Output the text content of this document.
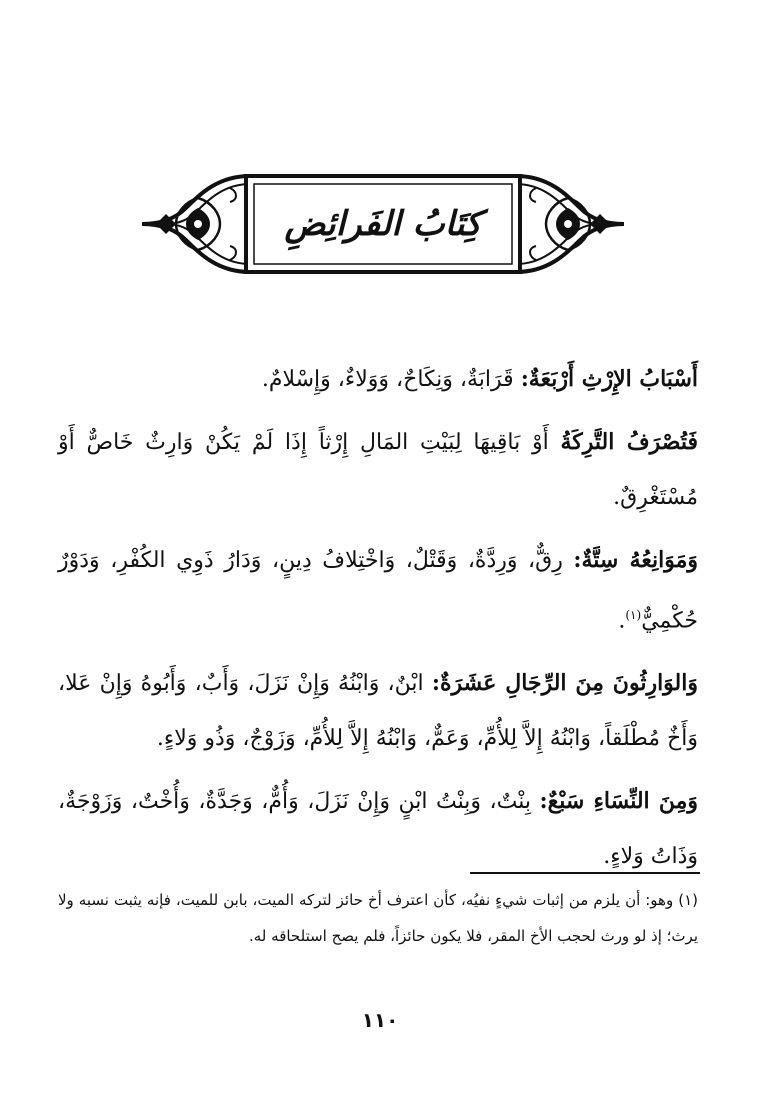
كِتَابُ الفَرائِضِ

أَسْبَابُ الإِرْثِ أَرْبَعَةٌ: قَرَابَةٌ، وَنِكَاحٌ، وَوَلاءٌ، وَإِسْلامٌ.

فَتُصْرَفُ التَّرِكَةُ أَوْ بَاقِيهَا لِبَيْتِ المَالِ إِرْثاً إِذَا لَمْ يَكُنْ وَارِثٌ خَاصٌّ أَوْ مُسْتَغْرِقٌ.

وَمَوَانِعُهُ سِتَّةٌ: رِقٌّ، وَرِدَّةٌ، وَقَتْلٌ، وَاخْتِلافُ دِينٍ، وَدَارُ ذَوِي الكُفْرِ، وَدَوْرٌ حُكْمِيٌّ$^{(١)}$.

وَالوَارِثُونَ مِنَ الرِّجَالِ عَشَرَةٌ: ابْنٌ، وَابْنُهُ وَإِنْ نَزَلَ، وَأَبٌ، وَأَبُوهُ وَإِنْ عَلا، وَأَخٌ مُطْلَقاً، وَابْنُهُ إِلاَّ لِلأُمِّ، وَعَمٌّ، وَابْنُهُ إِلاَّ لِلأُمِّ، وَزَوْجٌ، وَذُو وَلاءٍ.

وَمِنَ النِّسَاءِ سَبْعٌ: بِنْتٌ، وَبِنْتُ ابْنٍ وَإِنْ نَزَلَ، وَأُمٌّ، وَجَدَّةٌ، وَأُخْتٌ، وَزَوْجَةٌ، وَذَاتُ وَلاءٍ.

(١) وهو: أن يلزم من إثبات شيءٍ نفيُه، كأن اعترف أخ حائز لتركه الميت، بابن للميت، فإنه يثبت نسبه ولا يرث؛ إذ لو ورث لحجب الأخ المقر، فلا يكون حائزاً، فلم يصح استلحاقه له.
١١٠
